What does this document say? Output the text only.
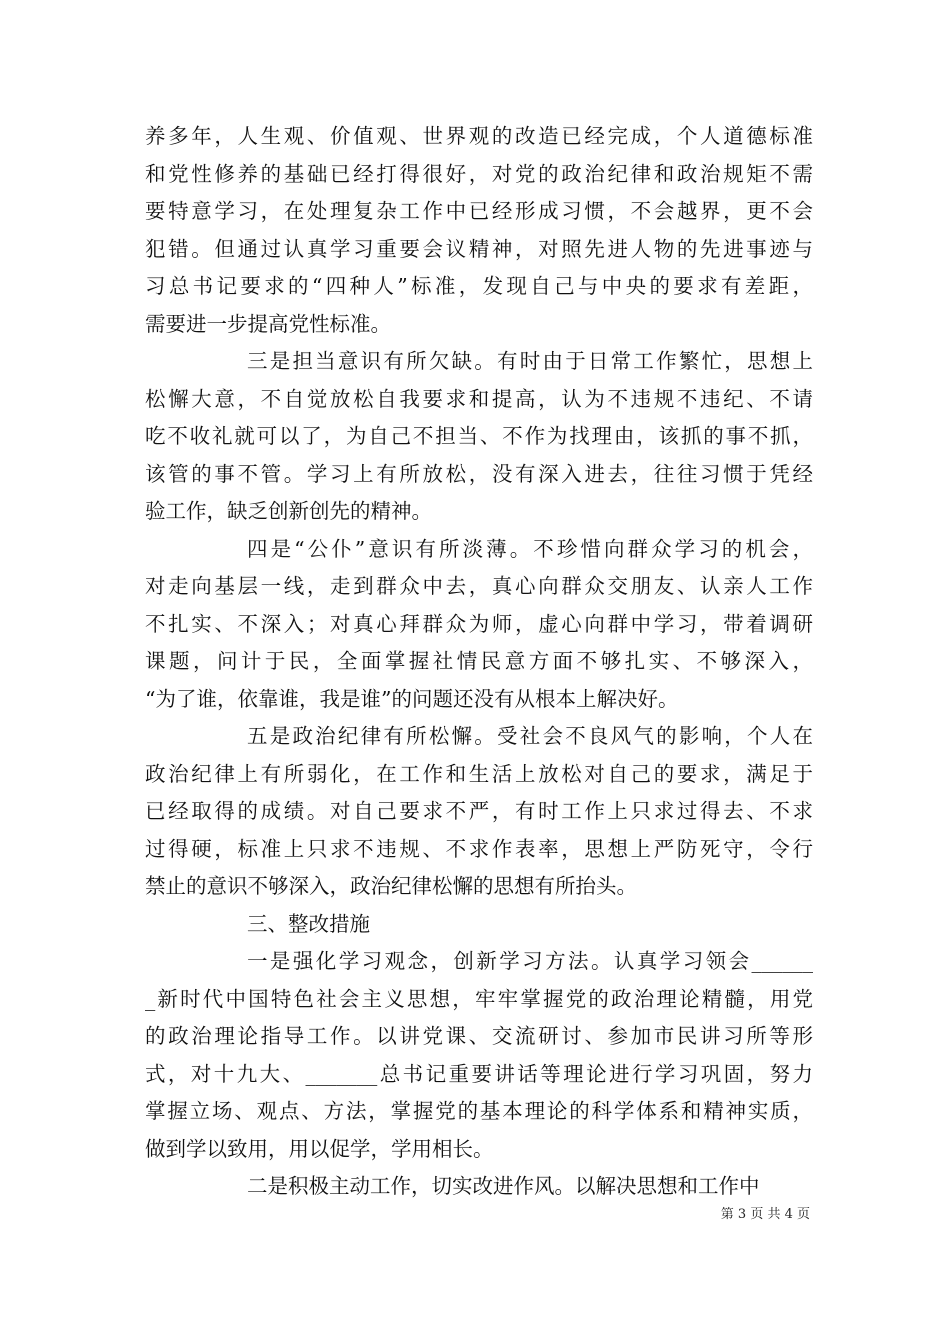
养多年，人生观、价值观、世界观的改造已经完成，个人道德标准
和党性修养的基础已经打得很好，对党的政治纪律和政治规矩不需
要特意学习，在处理复杂工作中已经形成习惯，不会越界，更不会
犯错。但通过认真学习重要会议精神，对照先进人物的先进事迹与
习总书记要求的“四种人”标准，发现自己与中央的要求有差距，
需要进一步提高党性标准。
三是担当意识有所欠缺。有时由于日常工作繁忙，思想上
松懈大意，不自觉放松自我要求和提高，认为不违规不违纪、不请
吃不收礼就可以了，为自己不担当、不作为找理由，该抓的事不抓，
该管的事不管。学习上有所放松，没有深入进去，往往习惯于凭经
验工作，缺乏创新创先的精神。
四是“公仆”意识有所淡薄。不珍惜向群众学习的机会，
对走向基层一线，走到群众中去，真心向群众交朋友、认亲人工作
不扎实、不深入；对真心拜群众为师，虚心向群中学习，带着调研
课题，问计于民，全面掌握社情民意方面不够扎实、不够深入，
“为了谁，依靠谁，我是谁”的问题还没有从根本上解决好。
五是政治纪律有所松懈。受社会不良风气的影响，个人在
政治纪律上有所弱化，在工作和生活上放松对自己的要求，满足于
已经取得的成绩。对自己要求不严，有时工作上只求过得去、不求
过得硬，标准上只求不违规、不求作表率，思想上严防死守，令行
禁止的意识不够深入，政治纪律松懈的思想有所抬头。
三、整改措施
一是强化学习观念，创新学习方法。认真学习领会______
_新时代中国特色社会主义思想，牢牢掌握党的政治理论精髓，用党
的政治理论指导工作。以讲党课、交流研讨、参加市民讲习所等形
式，对十九大、_______总书记重要讲话等理论进行学习巩固，努力
掌握立场、观点、方法，掌握党的基本理论的科学体系和精神实质，
做到学以致用，用以促学，学用相长。
二是积极主动工作，切实改进作风。以解决思想和工作中
第 3 页 共 4 页
